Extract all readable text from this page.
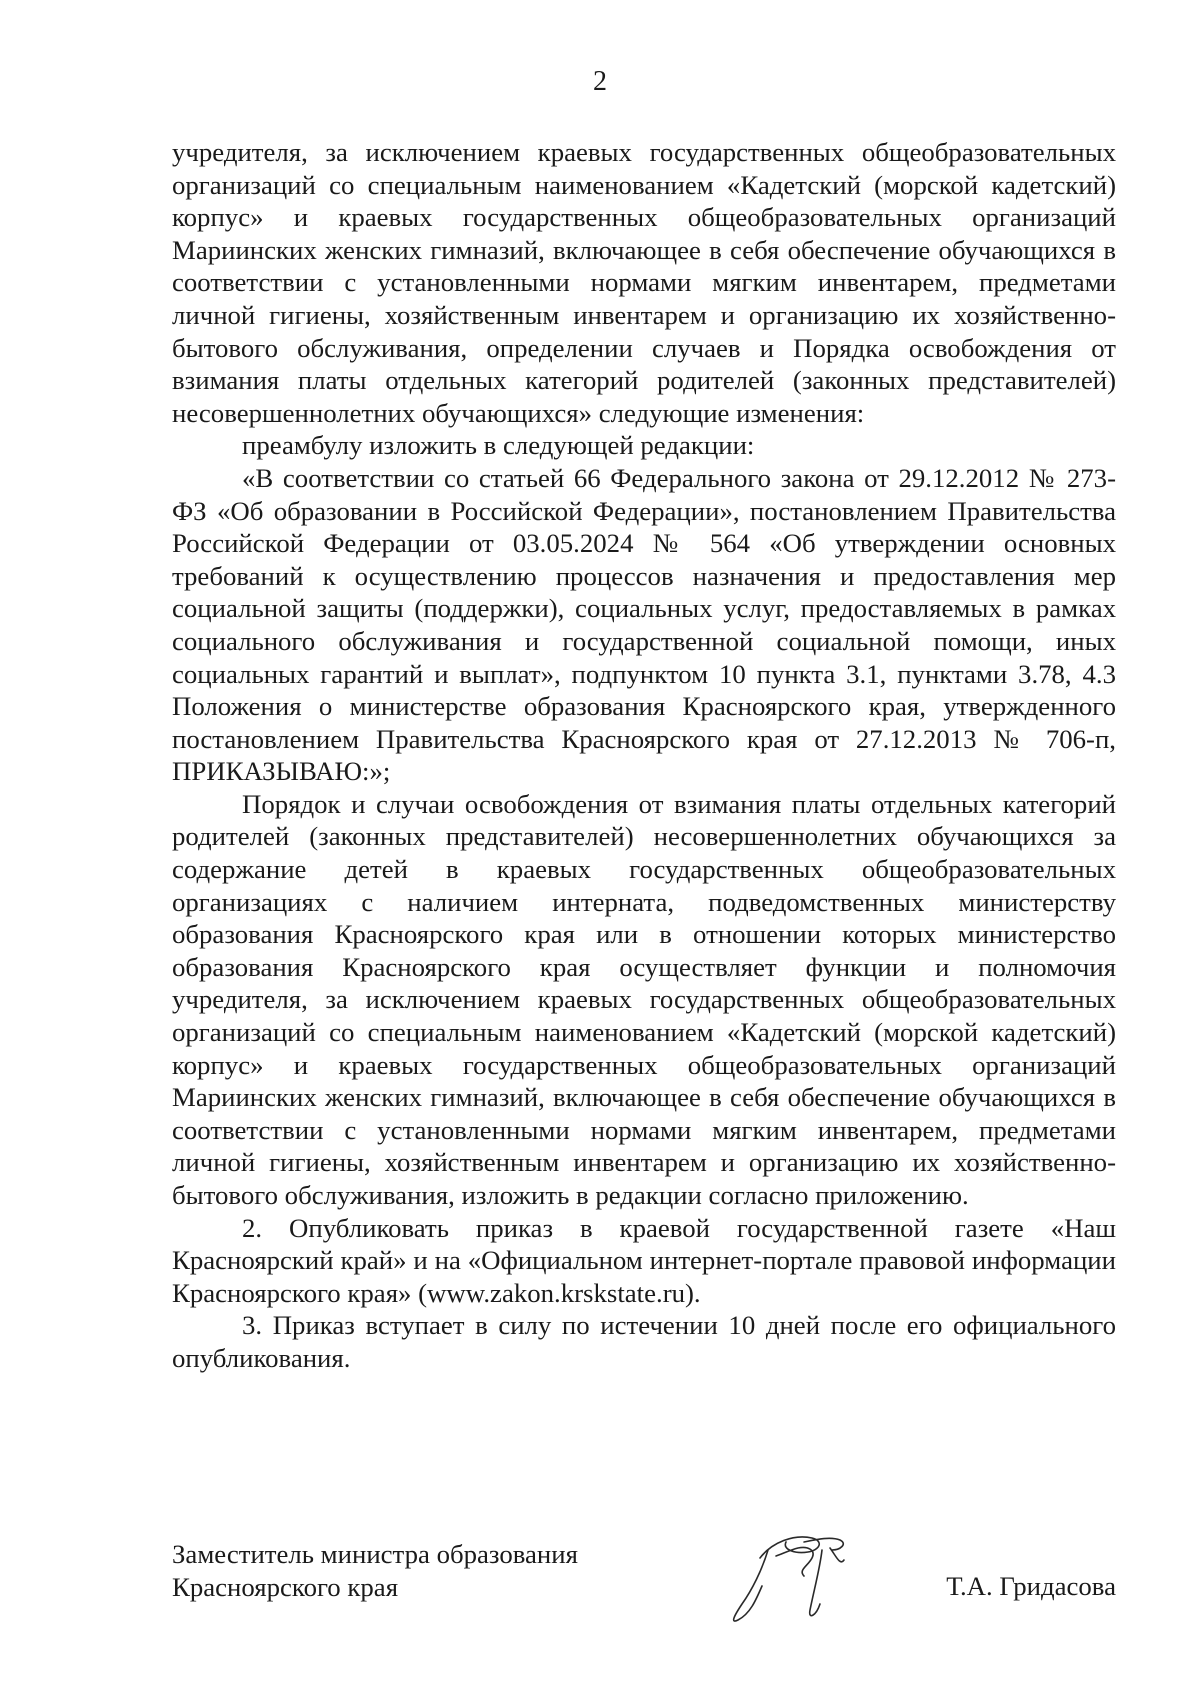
2

учредителя, за исключением краевых государственных общеобразовательных организаций со специальным наименованием «Кадетский (морской кадетский) корпус» и краевых государственных общеобразовательных организаций Мариинских женских гимназий, включающее в себя обеспечение обучающихся в соответствии с установленными нормами мягким инвентарем, предметами личной гигиены, хозяйственным инвентарем и организацию их хозяйственно-бытового обслуживания, определении случаев и Порядка освобождения от взимания платы отдельных категорий родителей (законных представителей) несовершеннолетних обучающихся» следующие изменения:

преамбулу изложить в следующей редакции:

«В соответствии со статьей 66 Федерального закона от 29.12.2012 № 273-ФЗ «Об образовании в Российской Федерации», постановлением Правительства Российской Федерации от 03.05.2024 № 564 «Об утверждении основных требований к осуществлению процессов назначения и предоставления мер социальной защиты (поддержки), социальных услуг, предоставляемых в рамках социального обслуживания и государственной социальной помощи, иных социальных гарантий и выплат», подпунктом 10 пункта 3.1, пунктами 3.78, 4.3 Положения о министерстве образования Красноярского края, утвержденного постановлением Правительства Красноярского края от 27.12.2013 № 706-п, ПРИКАЗЫВАЮ:»;

Порядок и случаи освобождения от взимания платы отдельных категорий родителей (законных представителей) несовершеннолетних обучающихся за содержание детей в краевых государственных общеобразовательных организациях с наличием интерната, подведомственных министерству образования Красноярского края или в отношении которых министерство образования Красноярского края осуществляет функции и полномочия учредителя, за исключением краевых государственных общеобразовательных организаций со специальным наименованием «Кадетский (морской кадетский) корпус» и краевых государственных общеобразовательных организаций Мариинских женских гимназий, включающее в себя обеспечение обучающихся в соответствии с установленными нормами мягким инвентарем, предметами личной гигиены, хозяйственным инвентарем и организацию их хозяйственно-бытового обслуживания, изложить в редакции согласно приложению.

2. Опубликовать приказ в краевой государственной газете «Наш Красноярский край» и на «Официальном интернет-портале правовой информации Красноярского края» (www.zakon.krskstate.ru).

3. Приказ вступает в силу по истечении 10 дней после его официального опубликования.

Заместитель министра образования
Красноярского края	Т.А. Гридасова
